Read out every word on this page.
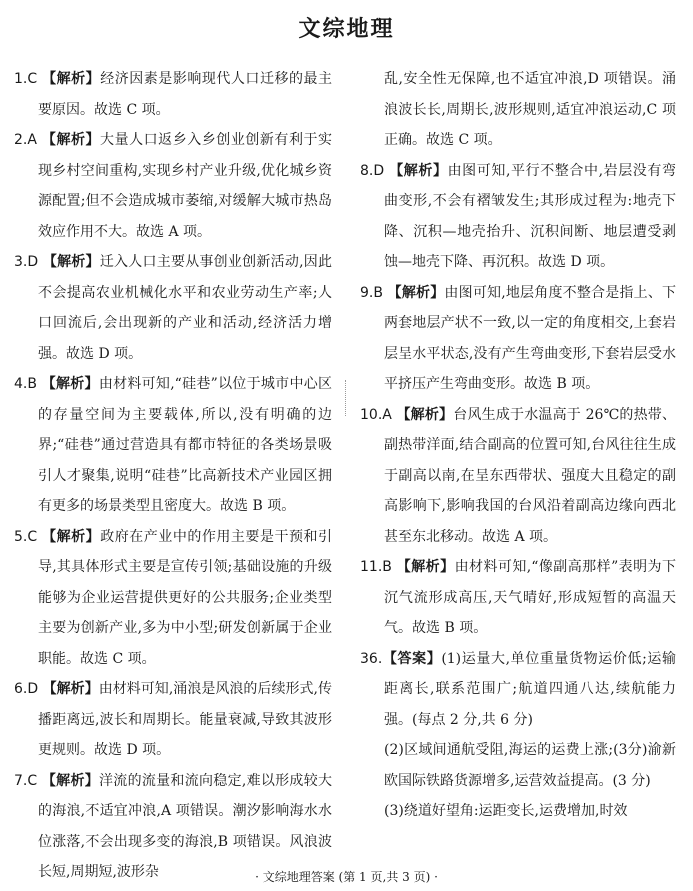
文综地理

1.C 【解析】经济因素是影响现代人口迁移的最主要原因。故选 C 项。

2.A 【解析】大量人口返乡入乡创业创新有利于实现乡村空间重构,实现乡村产业升级,优化城乡资源配置;但不会造成城市萎缩,对缓解大城市热岛效应作用不大。故选 A 项。

3.D 【解析】迁入人口主要从事创业创新活动,因此不会提高农业机械化水平和农业劳动生产率;人口回流后,会出现新的产业和活动,经济活力增强。故选 D 项。

4.B 【解析】由材料可知,“硅巷”以位于城市中心区的存量空间为主要载体,所以,没有明确的边界;“硅巷”通过营造具有都市特征的各类场景吸引人才聚集,说明“硅巷”比高新技术产业园区拥有更多的场景类型且密度大。故选 B 项。

5.C 【解析】政府在产业中的作用主要是干预和引导,其具体形式主要是宣传引领;基础设施的升级能够为企业运营提供更好的公共服务;企业类型主要为创新产业,多为中小型;研发创新属于企业职能。故选 C 项。

6.D 【解析】由材料可知,涌浪是风浪的后续形式,传播距离远,波长和周期长。能量衰减,导致其波形更规则。故选 D 项。

7.C 【解析】洋流的流量和流向稳定,难以形成较大的海浪,不适宜冲浪,A 项错误。潮汐影响海水水位涨落,不会出现多变的海浪,B 项错误。风浪波长短,周期短,波形杂

乱,安全性无保障,也不适宜冲浪,D 项错误。涌浪波长长,周期长,波形规则,适宜冲浪运动,C 项正确。故选 C 项。

8.D 【解析】由图可知,平行不整合中,岩层没有弯曲变形,不会有褶皱发生;其形成过程为:地壳下降、沉积—地壳抬升、沉积间断、地层遭受剥蚀—地壳下降、再沉积。故选 D 项。

9.B 【解析】由图可知,地层角度不整合是指上、下两套地层产状不一致,以一定的角度相交,上套岩层呈水平状态,没有产生弯曲变形,下套岩层受水平挤压产生弯曲变形。故选 B 项。

10.A 【解析】台风生成于水温高于 26℃的热带、副热带洋面,结合副高的位置可知,台风往往生成于副高以南,在呈东西带状、强度大且稳定的副高影响下,影响我国的台风沿着副高边缘向西北甚至东北移动。故选 A 项。

11.B 【解析】由材料可知,“像副高那样”表明为下沉气流形成高压,天气晴好,形成短暂的高温天气。故选 B 项。

36.【答案】(1)运量大,单位重量货物运价低;运输距离长,联系范围广;航道四通八达,续航能力强。(每点 2 分,共 6 分)

(2)区域间通航受阻,海运的运费上涨;(3分)渝新欧国际铁路货源增多,运营效益提高。(3 分)

(3)绕道好望角:运距变长,运费增加,时效

· 文综地理答案 (第 1 页,共 3 页) ·
